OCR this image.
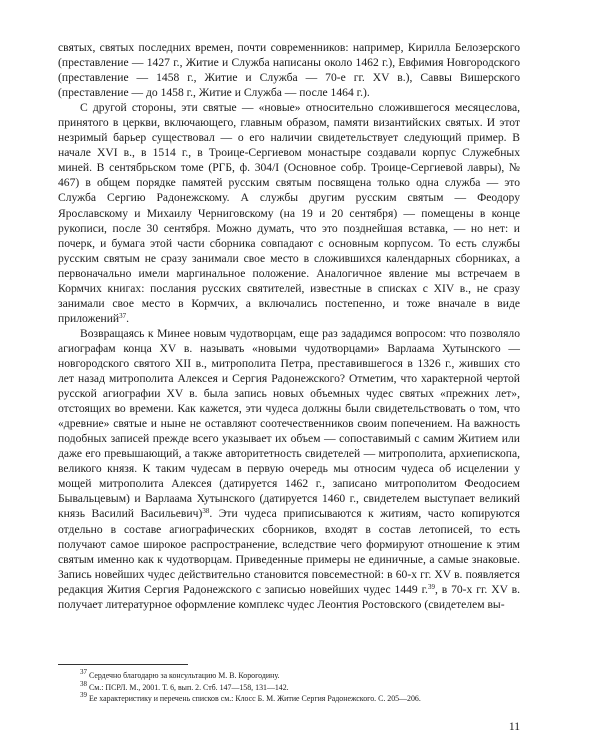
святых, святых последних времен, почти современников: например, Кирилла Белозерского (преставление — 1427 г., Житие и Служба написаны около 1462 г.), Евфимия Новгородского (преставление — 1458 г., Житие и Служба — 70-е гг. XV в.), Саввы Вишерского (преставление — до 1458 г., Житие и Служба — после 1464 г.).

С другой стороны, эти святые — «новые» относительно сложившегося месяцеслова, принятого в церкви, включающего, главным образом, памяти византийских святых. И этот незримый барьер существовал — о его наличии свидетельствует следующий пример. В начале XVI в., в 1514 г., в Троице-Сергиевом монастыре создавали корпус Служебных миней. В сентябрьском томе (РГБ, ф. 304/I (Основное собр. Троице-Сергиевой лавры), № 467) в общем порядке памятей русским святым посвящена только одна служба — это Служба Сергию Радонежскому. А службы другим русским святым — Феодору Ярославскому и Михаилу Черниговскому (на 19 и 20 сентября) — помещены в конце рукописи, после 30 сентября. Можно думать, что это позднейшая вставка, — но нет: и почерк, и бумага этой части сборника совпадают с основным корпусом. То есть службы русским святым не сразу занимали свое место в сложившихся календарных сборниках, а первоначально имели маргинальное положение. Аналогичное явление мы встречаем в Кормчих книгах: послания русских святителей, известные в списках с XIV в., не сразу занимали свое место в Кормчих, а включались постепенно, и тоже вначале в виде приложений$^{37}$.

Возвращаясь к Минее новым чудотворцам, еще раз зададимся вопросом: что позволяло агиографам конца XV в. называть «новыми чудотворцами» Варлаама Хутынского — новгородского святого XII в., митрополита Петра, преставившегося в 1326 г., живших сто лет назад митрополита Алексея и Сергия Радонежского? Отметим, что характерной чертой русской агиографии XV в. была запись новых объемных чудес святых «прежних лет», отстоящих во времени. Как кажется, эти чудеса должны были свидетельствовать о том, что «древние» святые и ныне не оставляют соотечественников своим попечением. На важность подобных записей прежде всего указывает их объем — сопоставимый с самим Житием или даже его превышающий, а также авторитетность свидетелей — митрополита, архиепископа, великого князя. К таким чудесам в первую очередь мы относим чудеса об исцелении у мощей митрополита Алексея (датируется 1462 г., записано митрополитом Феодосием Бывальцевым) и Варлаама Хутынского (датируется 1460 г., свидетелем выступает великий князь Василий Васильевич)$^{38}$. Эти чудеса приписываются к житиям, часто копируются отдельно в составе агиографических сборников, входят в состав летописей, то есть получают самое широкое распространение, вследствие чего формируют отношение к этим святым именно как к чудотворцам. Приведенные примеры не единичные, а самые знаковые. Запись новейших чудес действительно становится повсеместной: в 60-х гг. XV в. появляется редакция Жития Сергия Радонежского с записью новейших чудес 1449 г.$^{39}$, в 70-х гг. XV в. получает литературное оформление комплекс чудес Леонтия Ростовского (свидетелем вы-

$^{37}$ Сердечно благодарю за консультацию М. В. Корогодину.

$^{38}$ См.: ПСРЛ. М., 2001. Т. 6, вып. 2. Стб. 147—158, 131—142.

$^{39}$ Ее характеристику и перечень списков см.: Клосс Б. М. Житие Сергия Радонежского. С. 205—206.

11
